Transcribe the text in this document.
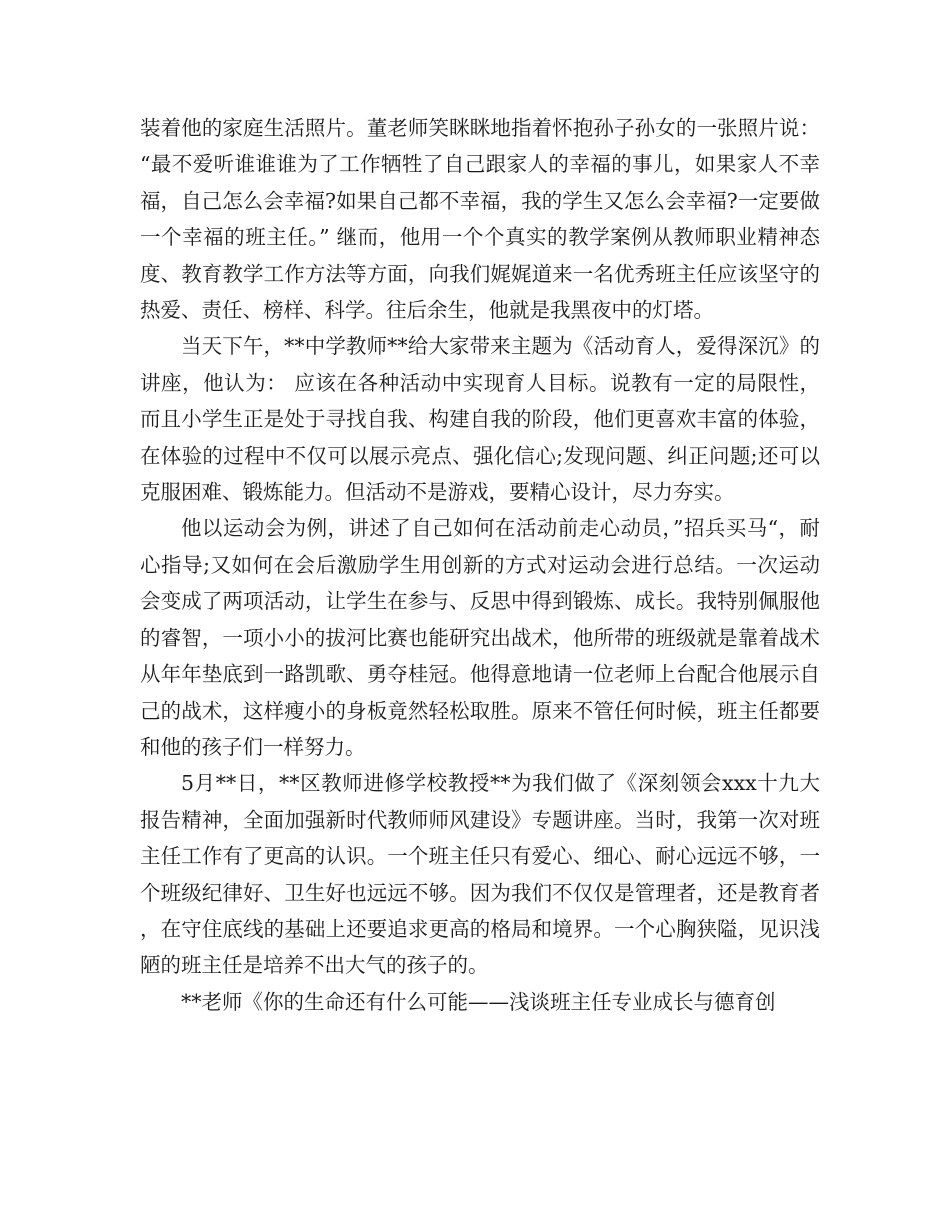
装着他的家庭生活照片。董老师笑眯眯地指着怀抱孙子孙女的一张照片说：“最不爱听谁谁谁为了工作牺牲了自己跟家人的幸福的事儿，如果家人不幸福，自己怎么会幸福?如果自己都不幸福，我的学生又怎么会幸福?一定要做一个幸福的班主任。” 继而，他用一个个真实的教学案例从教师职业精神态度、教育教学工作方法等方面，向我们娓娓道来一名优秀班主任应该坚守的热爱、责任、榜样、科学。往后余生，他就是我黑夜中的灯塔。

当天下午，**中学教师**给大家带来主题为《活动育人，爱得深沉》的讲座，他认为： 应该在各种活动中实现育人目标。说教有一定的局限性，而且小学生正是处于寻找自我、构建自我的阶段，他们更喜欢丰富的体验，在体验的过程中不仅可以展示亮点、强化信心;发现问题、纠正问题;还可以克服困难、锻炼能力。但活动不是游戏，要精心设计，尽力夯实。

他以运动会为例，讲述了自己如何在活动前走心动员，”招兵买马“，耐心指导;又如何在会后激励学生用创新的方式对运动会进行总结。一次运动会变成了两项活动，让学生在参与、反思中得到锻炼、成长。我特别佩服他的睿智，一项小小的拔河比赛也能研究出战术，他所带的班级就是靠着战术从年年垫底到一路凯歌、勇夺桂冠。他得意地请一位老师上台配合他展示自己的战术，这样瘦小的身板竟然轻松取胜。原来不管任何时候，班主任都要和他的孩子们一样努力。

5月**日，**区教师进修学校教授**为我们做了《深刻领会xxx十九大报告精神，全面加强新时代教师师风建设》专题讲座。当时，我第一次对班主任工作有了更高的认识。一个班主任只有爱心、细心、耐心远远不够，一个班级纪律好、卫生好也远远不够。因为我们不仅仅是管理者，还是教育者，在守住底线的基础上还要追求更高的格局和境界。一个心胸狭隘，见识浅陋的班主任是培养不出大气的孩子的。

**老师《你的生命还有什么可能——浅谈班主任专业成长与德育创
